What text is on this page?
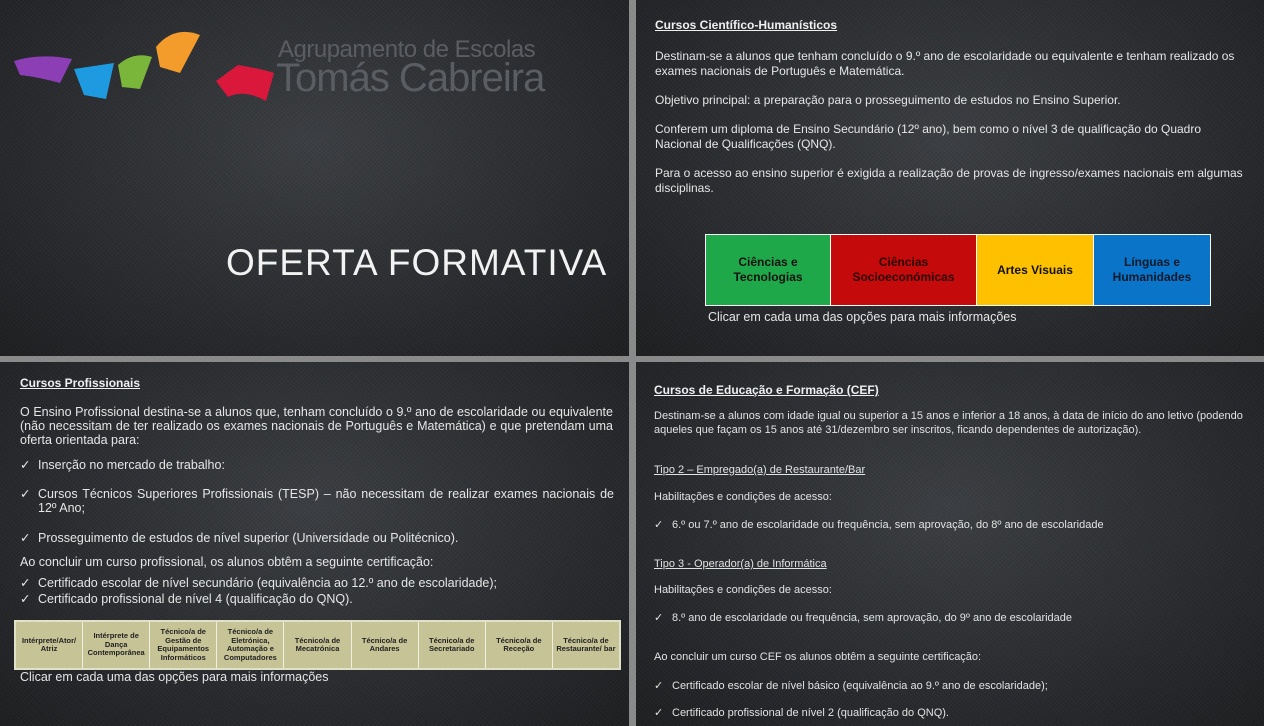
Agrupamento de Escolas
Tomás Cabreira
OFERTA FORMATIVA
Cursos Científico-Humanísticos
Destinam-se a alunos que tenham concluído o 9.º ano de escolaridade ou equivalente e tenham realizado os exames nacionais de Português e Matemática.
Objetivo principal: a preparação para o prosseguimento de estudos no Ensino Superior.
Conferem um diploma de Ensino Secundário (12º ano), bem como o nível 3 de qualificação do Quadro Nacional de Qualificações (QNQ).
Para o acesso ao ensino superior é exigida a realização de provas de ingresso/exames nacionais em algumas disciplinas.
Ciências e Tecnologias
Ciências Socioeconómicas
Artes Visuais
Línguas e Humanidades
Clicar em cada uma das opções para mais informações
Cursos Profissionais
O Ensino Profissional destina-se a alunos que, tenham concluído o 9.º ano de escolaridade ou equivalente (não necessitam de ter realizado os exames nacionais de Português e Matemática) e que pretendam uma oferta orientada para:
✓ Inserção no mercado de trabalho:
✓ Cursos Técnicos Superiores Profissionais (TESP) – não necessitam de realizar exames nacionais de 12º Ano;
✓ Prosseguimento de estudos de nível superior (Universidade ou Politécnico).
Ao concluir um curso profissional, os alunos obtêm a seguinte certificação:
✓ Certificado escolar de nível secundário (equivalência ao 12.º ano de escolaridade);
✓ Certificado profissional de nível 4 (qualificação do QNQ).
Intérprete/Ator/ Atriz
Intérprete de Dança Contemporânea
Técnico/a de Gestão de Equipamentos Informáticos
Técnico/a de Eletrónica, Automação e Computadores
Técnico/a de Mecatrónica
Técnico/a de Andares
Técnico/a de Secretariado
Técnico/a de Receção
Técnico/a de Restaurante/ bar
Clicar em cada uma das opções para mais informações
Cursos de Educação e Formação (CEF)
Destinam-se a alunos com idade igual ou superior a 15 anos e inferior a 18 anos, à data de início do ano letivo (podendo aqueles que façam os 15 anos até 31/dezembro ser inscritos, ficando dependentes de autorização).
Tipo 2 – Empregado(a) de Restaurante/Bar
Habilitações e condições de acesso:
✓ 6.º ou 7.º ano de escolaridade ou frequência, sem aprovação, do 8º ano de escolaridade
Tipo 3 - Operador(a) de Informática
Habilitações e condições de acesso:
✓ 8.º ano de escolaridade ou frequência, sem aprovação, do 9º ano de escolaridade
Ao concluir um curso CEF os alunos obtêm a seguinte certificação:
✓ Certificado escolar de nível básico (equivalência ao 9.º ano de escolaridade);
✓ Certificado profissional de nível 2 (qualificação do QNQ).
